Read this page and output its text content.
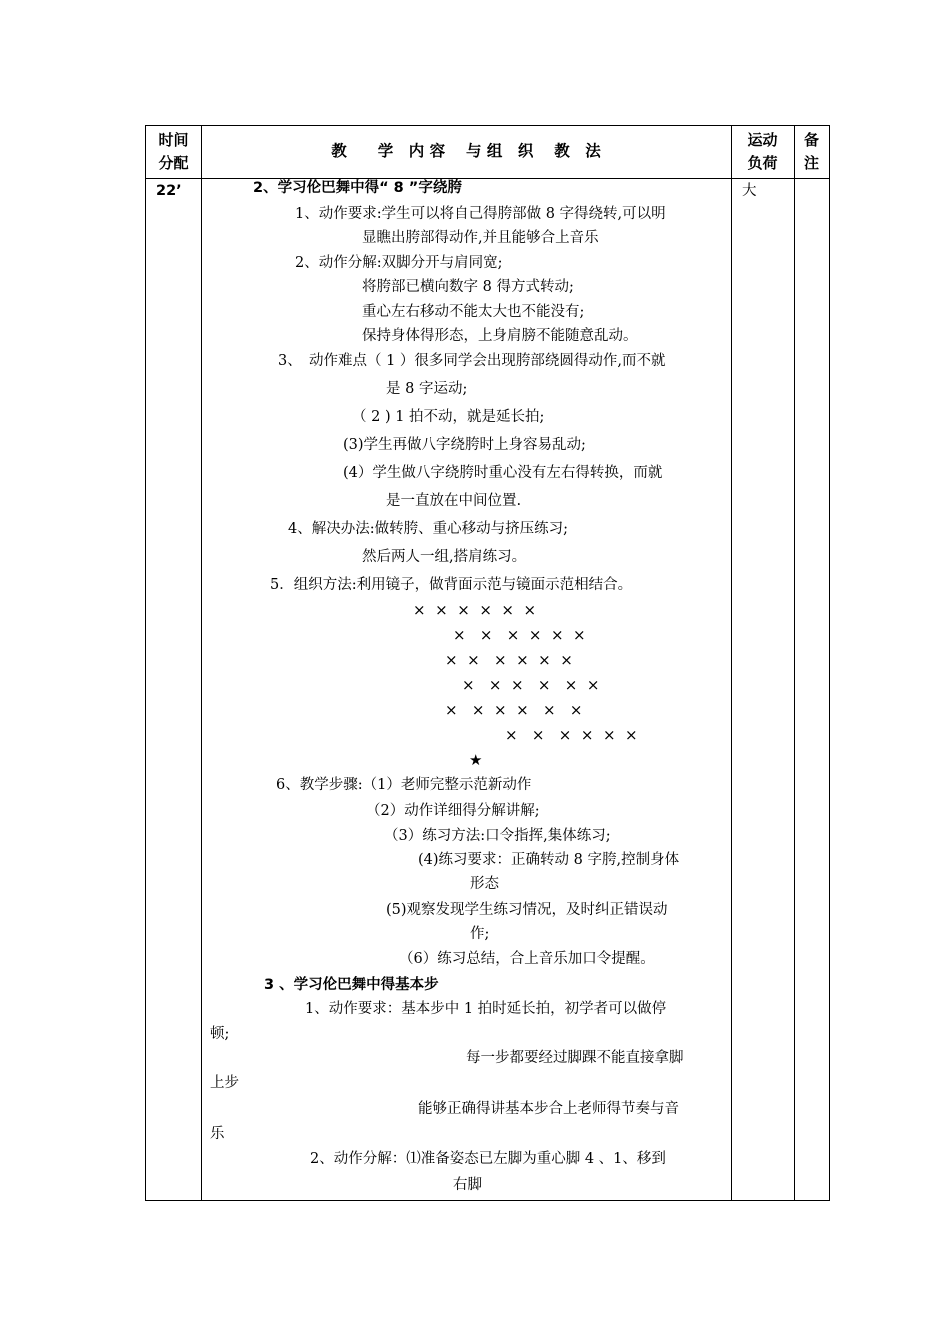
时间
分配
教　　学　内 容　 与 组　织　 教　法
运动
负荷
备
注
22’	大
2、学习伦巴舞中得“ 8 ”字绕胯
1、动作要求:学生可以将自己得胯部做 8 字得绕转,可以明
显瞧出胯部得动作,并且能够合上音乐
2、动作分解:双脚分开与肩同宽;
将胯部已横向数字 8 得方式转动;
重心左右移动不能太大也不能没有;
保持身体得形态，上身肩膀不能随意乱动。
3、　动作难点（ 1 ）很多同学会出现胯部绕圆得动作,而不就
是 8 字运动;
（ 2 ) 1 拍不动，就是延长拍;
(3)学生再做八字绕胯时上身容易乱动;
(4）学生做八字绕胯时重心没有左右得转换，而就
是一直放在中间位置.
4、解决办法:做转胯、重心移动与挤压练习;
然后两人一组,搭肩练习。
5．组织方法:利用镜子，做背面示范与镜面示范相结合。
×  ×  ×  ×  ×  ×
×   ×   ×  ×  ×  ×
×  ×   ×  ×  ×  ×
×   ×  ×   ×   ×  ×
×   ×  ×  ×   ×   ×
×   ×   ×  ×  ×  ×
★
6、教学步骤:（1）老师完整示范新动作
（2）动作详细得分解讲解;
（3）练习方法:口令指挥,集体练习;
(4)练习要求：正确转动 8 字胯,控制身体
形态
(5)观察发现学生练习情况，及时纠正错误动
作;
（6）练习总结，合上音乐加口令提醒。
3 、学习伦巴舞中得基本步
1、动作要求：基本步中 1 拍时延长拍，初学者可以做停
顿;
每一步都要经过脚踝不能直接拿脚
上步
能够正确得讲基本步合上老师得节奏与音
乐
2、动作分解：⑴准备姿态已左脚为重心脚 4 、1、移到
右脚
